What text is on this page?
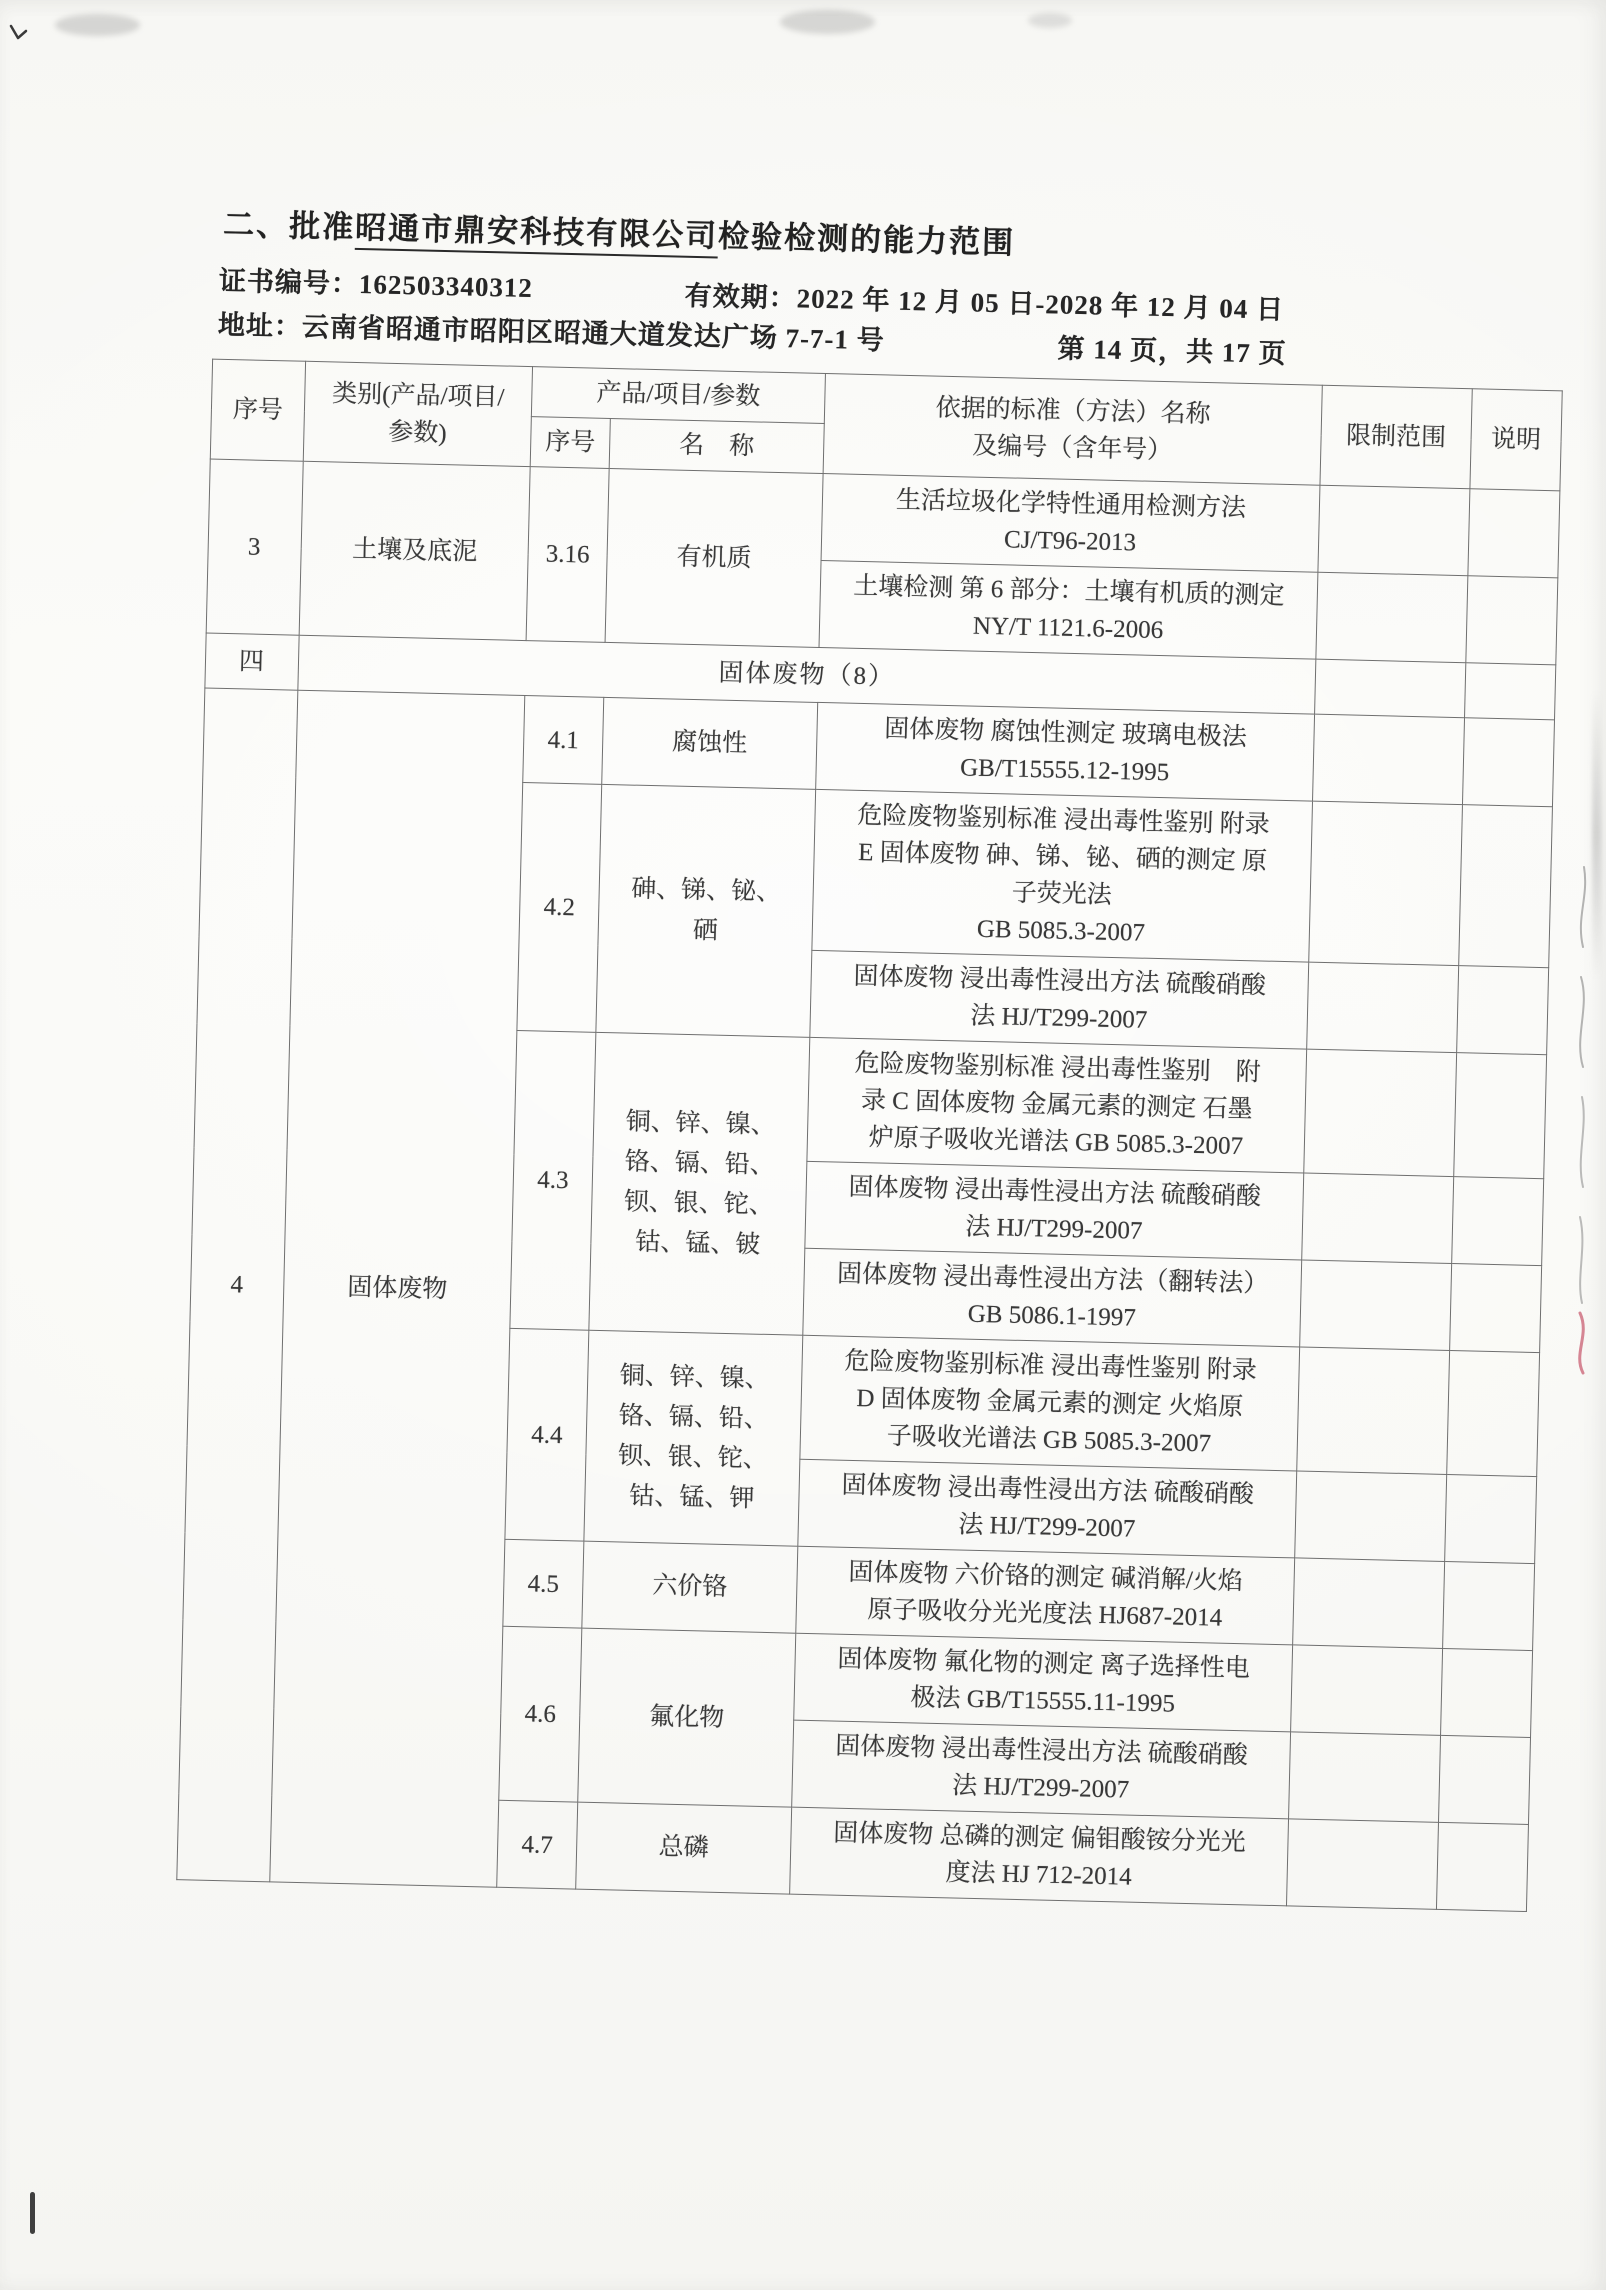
二、批准昭通市鼎安科技有限公司检验检测的能力范围
证书编号：162503340312	有效期：2022 年 12 月 05 日-2028 年 12 月 04 日
地址：云南省昭通市昭阳区昭通大道发达广场 7-7-1 号	第 14 页，共 17 页
序号	类别(产品/项目/参数)	产品/项目/参数		依据的标准（方法）名称
及编号（含年号）	限制范围	说明
		序号	名　称			
3	土壤及底泥	3.16	有机质	生活垃圾化学特性通用检测方法
CJ/T96-2013		

				土壤检测 第 6 部分：土壤有机质的测定
NY/T 1121.6-2006		

四	固体废物（8）					
4	固体废物	4.1	腐蚀性	固体废物 腐蚀性测定 玻璃电极法
GB/T15555.12-1995		

		4.2	砷、锑、铋、硒	危险废物鉴别标准 浸出毒性鉴别 附录
E 固体废物 砷、锑、铋、硒的测定 原
子荧光法
GB 5085.3-2007		

				固体废物 浸出毒性浸出方法 硫酸硝酸
法 HJ/T299-2007		

		4.3	铜、锌、镍、铬、镉、铅、钡、银、铊、钴、锰、铍	危险废物鉴别标准 浸出毒性鉴别　附
录 C 固体废物 金属元素的测定 石墨
炉原子吸收光谱法 GB 5085.3-2007		

				固体废物 浸出毒性浸出方法 硫酸硝酸
法 HJ/T299-2007		

				固体废物 浸出毒性浸出方法（翻转法）
GB 5086.1-1997		

		4.4	铜、锌、镍、铬、镉、铅、钡、银、铊、钴、锰、钾	危险废物鉴别标准 浸出毒性鉴别 附录
D 固体废物 金属元素的测定 火焰原
子吸收光谱法 GB 5085.3-2007		

				固体废物 浸出毒性浸出方法 硫酸硝酸
法 HJ/T299-2007		

		4.5	六价铬	固体废物 六价铬的测定 碱消解/火焰
原子吸收分光光度法 HJ687-2014		

		4.6	氟化物	固体废物 氟化物的测定 离子选择性电
极法 GB/T15555.11-1995		

				固体废物 浸出毒性浸出方法 硫酸硝酸
法 HJ/T299-2007		

		4.7	总磷	固体废物 总磷的测定 偏钼酸铵分光光
度法 HJ 712-2014		
